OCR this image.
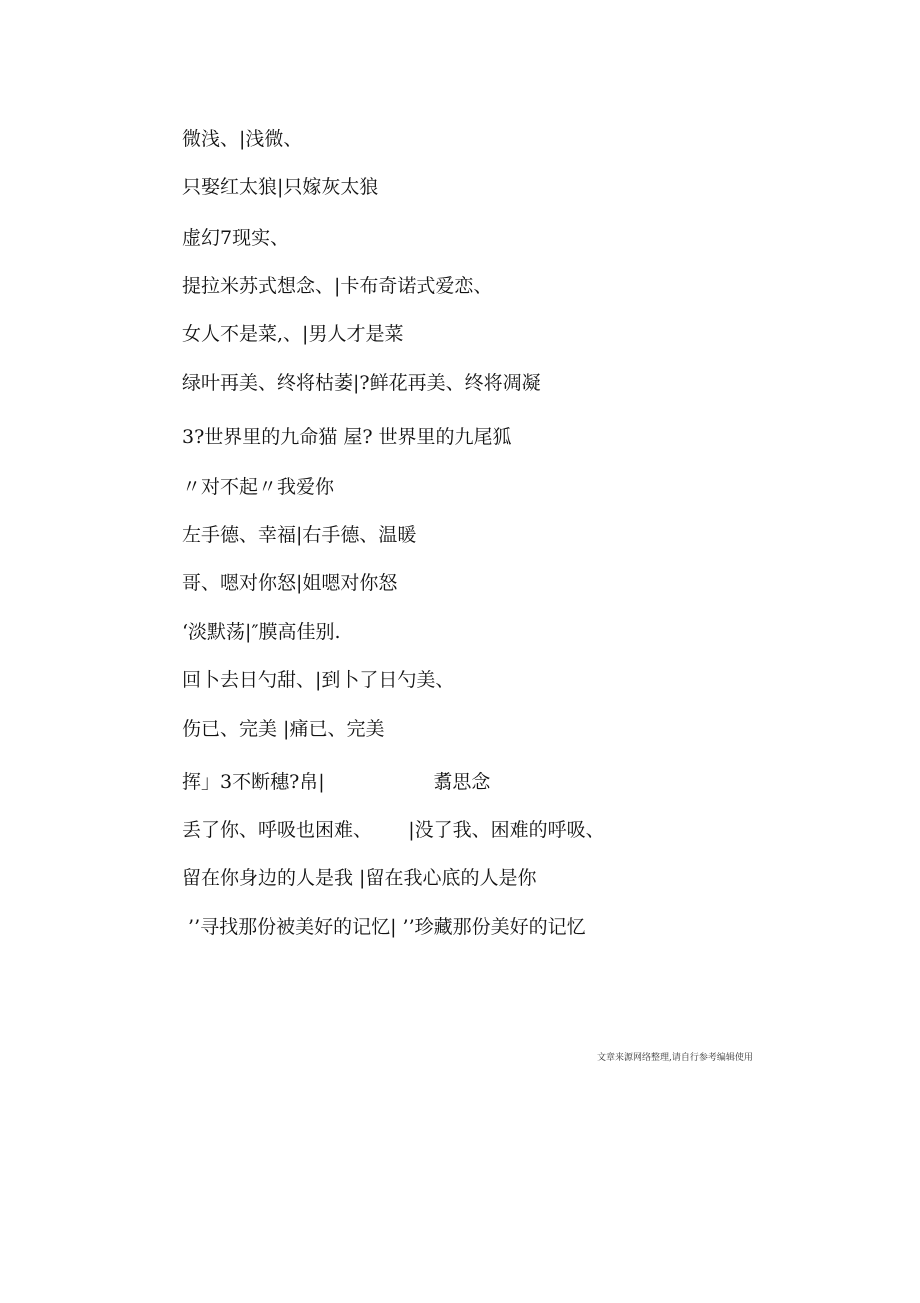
微浅、|浅微、

只娶红太狼|只嫁灰太狼

虚幻7现实、

提拉米苏式想念、|卡布奇诺式爱恋、

女人不是菜,、|男人才是菜

绿叶再美、终将枯萎|?鲜花再美、终将凋凝

3?世界里的九命猫 屋? 世界里的九尾狐

〃对不起〃我爱你

左手德、幸福|右手德、温暖

哥、嗯对你怒|姐嗯对你怒

‘淡默荡|″膜高佳别.

回卜去日勺甜、|到卜了日勺美、

伤已、完美 |痛已、完美

挥」3不断穗?帛|                  翥思念

丢了你、呼吸也困难、      |没了我、困难的呼吸、

留在你身边的人是我 |留在我心底的人是你

’’寻找那份被美好的记忆| ’’珍藏那份美好的记忆

文章来源网络整理,请自行参考编辑使用
